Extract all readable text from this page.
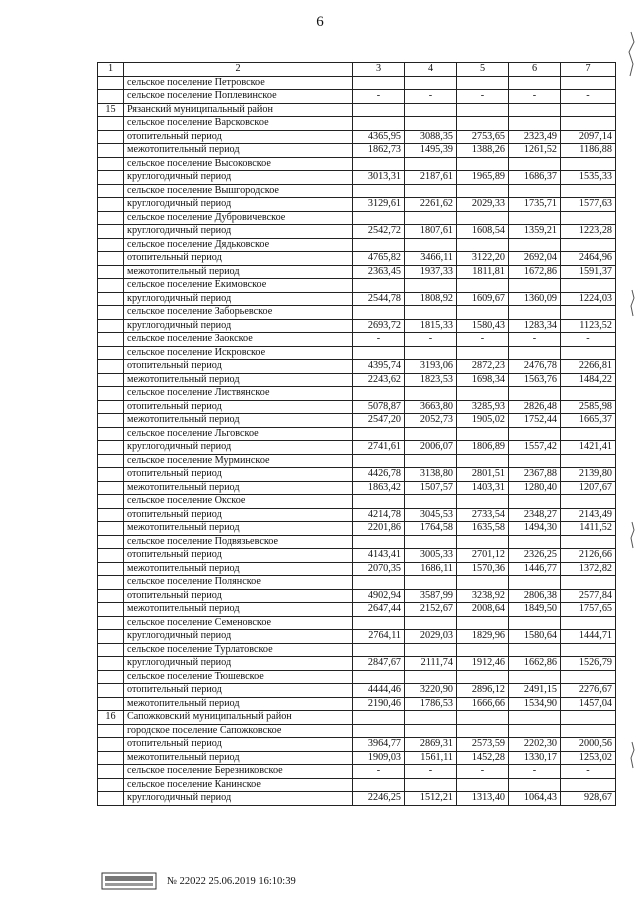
6
1	2	3	4	5	6	7
	сельское поселение Петровское					
	сельское поселение Поплевинское	-	-	-	-	-
15	Рязанский муниципальный район					
	сельское поселение Варсковское					
	отопительный период	4365,95	3088,35	2753,65	2323,49	2097,14
	межотопительный период	1862,73	1495,39	1388,26	1261,52	1186,88
	сельское поселение Высоковское					
	круглогодичный период	3013,31	2187,61	1965,89	1686,37	1535,33
	сельское поселение Вышгородское					
	круглогодичный период	3129,61	2261,62	2029,33	1735,71	1577,63
	сельское поселение Дубровичевское					
	круглогодичный период	2542,72	1807,61	1608,54	1359,21	1223,28
	сельское поселение Дядьковское					
	отопительный период	4765,82	3466,11	3122,20	2692,04	2464,96
	межотопительный период	2363,45	1937,33	1811,81	1672,86	1591,37
	сельское поселение Екимовское					
	круглогодичный период	2544,78	1808,92	1609,67	1360,09	1224,03
	сельское поселение Заборьевское					
	круглогодичный период	2693,72	1815,33	1580,43	1283,34	1123,52
	сельское поселение Заокское	-	-	-	-	-
	сельское поселение Искровское					
	отопительный период	4395,74	3193,06	2872,23	2476,78	2266,81
	межотопительный период	2243,62	1823,53	1698,34	1563,76	1484,22
	сельское поселение Листвянское					
	отопительный период	5078,87	3663,80	3285,93	2826,48	2585,98
	межотопительный период	2547,20	2052,73	1905,02	1752,44	1665,37
	сельское поселение Льговское					
	круглогодичный период	2741,61	2006,07	1806,89	1557,42	1421,41
	сельское поселение Мурминское					
	отопительный период	4426,78	3138,80	2801,51	2367,88	2139,80
	межотопительный период	1863,42	1507,57	1403,31	1280,40	1207,67
	сельское поселение Окское					
	отопительный период	4214,78	3045,53	2733,54	2348,27	2143,49
	межотопительный период	2201,86	1764,58	1635,58	1494,30	1411,52
	сельское поселение Подвязьевское					
	отопительный период	4143,41	3005,33	2701,12	2326,25	2126,66
	межотопительный период	2070,35	1686,11	1570,36	1446,77	1372,82
	сельское поселение Полянское					
	отопительный период	4902,94	3587,99	3238,92	2806,38	2577,84
	межотопительный период	2647,44	2152,67	2008,64	1849,50	1757,65
	сельское поселение Семеновское					
	круглогодичный период	2764,11	2029,03	1829,96	1580,64	1444,71
	сельское поселение Турлатовское					
	круглогодичный период	2847,67	2111,74	1912,46	1662,86	1526,79
	сельское поселение Тюшевское					
	отопительный период	4444,46	3220,90	2896,12	2491,15	2276,67
	межотопительный период	2190,46	1786,53	1666,66	1534,90	1457,04
16	Сапожковский муниципальный район					
	городское поселение Сапожковское					
	отопительный период	3964,77	2869,31	2573,59	2202,30	2000,56
	межотопительный период	1909,03	1561,11	1452,28	1330,17	1253,02
	сельское поселение Березниковское	-	-	-	-	-
	сельское поселение Канинское					
	круглогодичный период	2246,25	1512,21	1313,40	1064,43	928,67
№ 22022 25.06.2019 16:10:39
